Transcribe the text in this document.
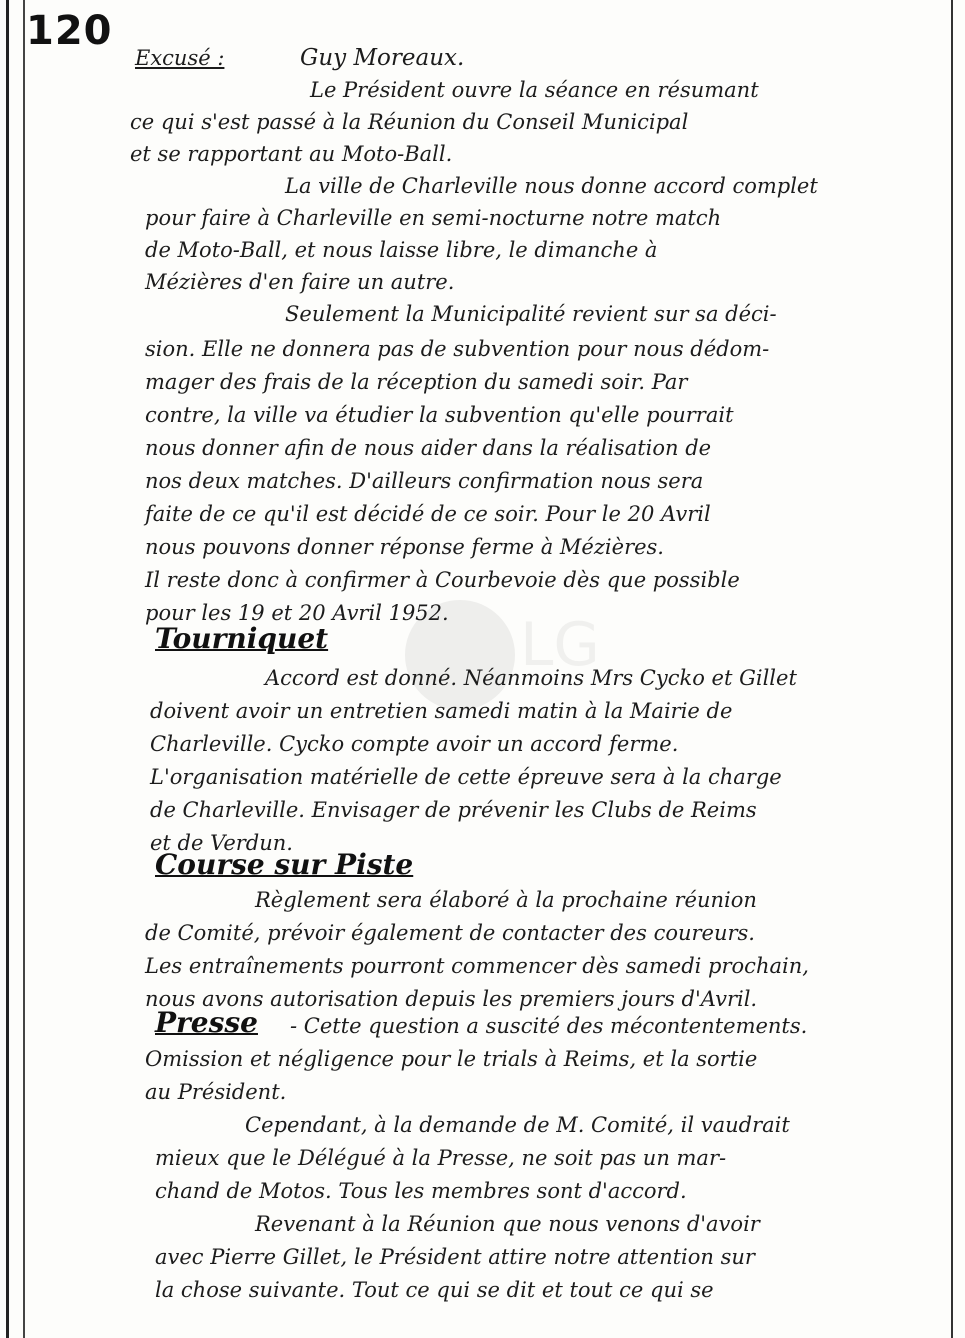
120
LG
Excusé :	Guy Moreaux.
Le Président ouvre la séance en résumant
ce qui s'est passé à la Réunion du Conseil Municipal
et se rapportant au Moto-Ball.
La ville de Charleville nous donne accord complet
pour faire à Charleville en semi-nocturne notre match
de Moto-Ball, et nous laisse libre, le dimanche à
Mézières d'en faire un autre.
Seulement la Municipalité revient sur sa déci-
sion. Elle ne donnera pas de subvention pour nous dédom-
mager des frais de la réception du samedi soir. Par
contre, la ville va étudier la subvention qu'elle pourrait
nous donner afin de nous aider dans la réalisation de
nos deux matches. D'ailleurs confirmation nous sera
faite de ce qu'il est décidé de ce soir. Pour le 20 Avril
nous pouvons donner réponse ferme à Mézières.
Il reste donc à confirmer à Courbevoie dès que possible
pour les 19 et 20 Avril 1952.
Tourniquet
Accord est donné. Néanmoins Mrs Cycko et Gillet
doivent avoir un entretien samedi matin à la Mairie de
Charleville. Cycko compte avoir un accord ferme.
L'organisation matérielle de cette épreuve sera à la charge
de Charleville. Envisager de prévenir les Clubs de Reims
et de Verdun.
Course sur Piste
Règlement sera élaboré à la prochaine réunion
de Comité, prévoir également de contacter des coureurs.
Les entraînements pourront commencer dès samedi prochain,
nous avons autorisation depuis les premiers jours d'Avril.
Presse - Cette question a suscité des mécontentements.
Omission et négligence pour le trials à Reims, et la sortie
au Président.
Cependant, à la demande de M. Comité, il vaudrait
mieux que le Délégué à la Presse, ne soit pas un mar-
chand de Motos. Tous les membres sont d'accord.
Revenant à la Réunion que nous venons d'avoir
avec Pierre Gillet, le Président attire notre attention sur
la chose suivante. Tout ce qui se dit et tout ce qui se
